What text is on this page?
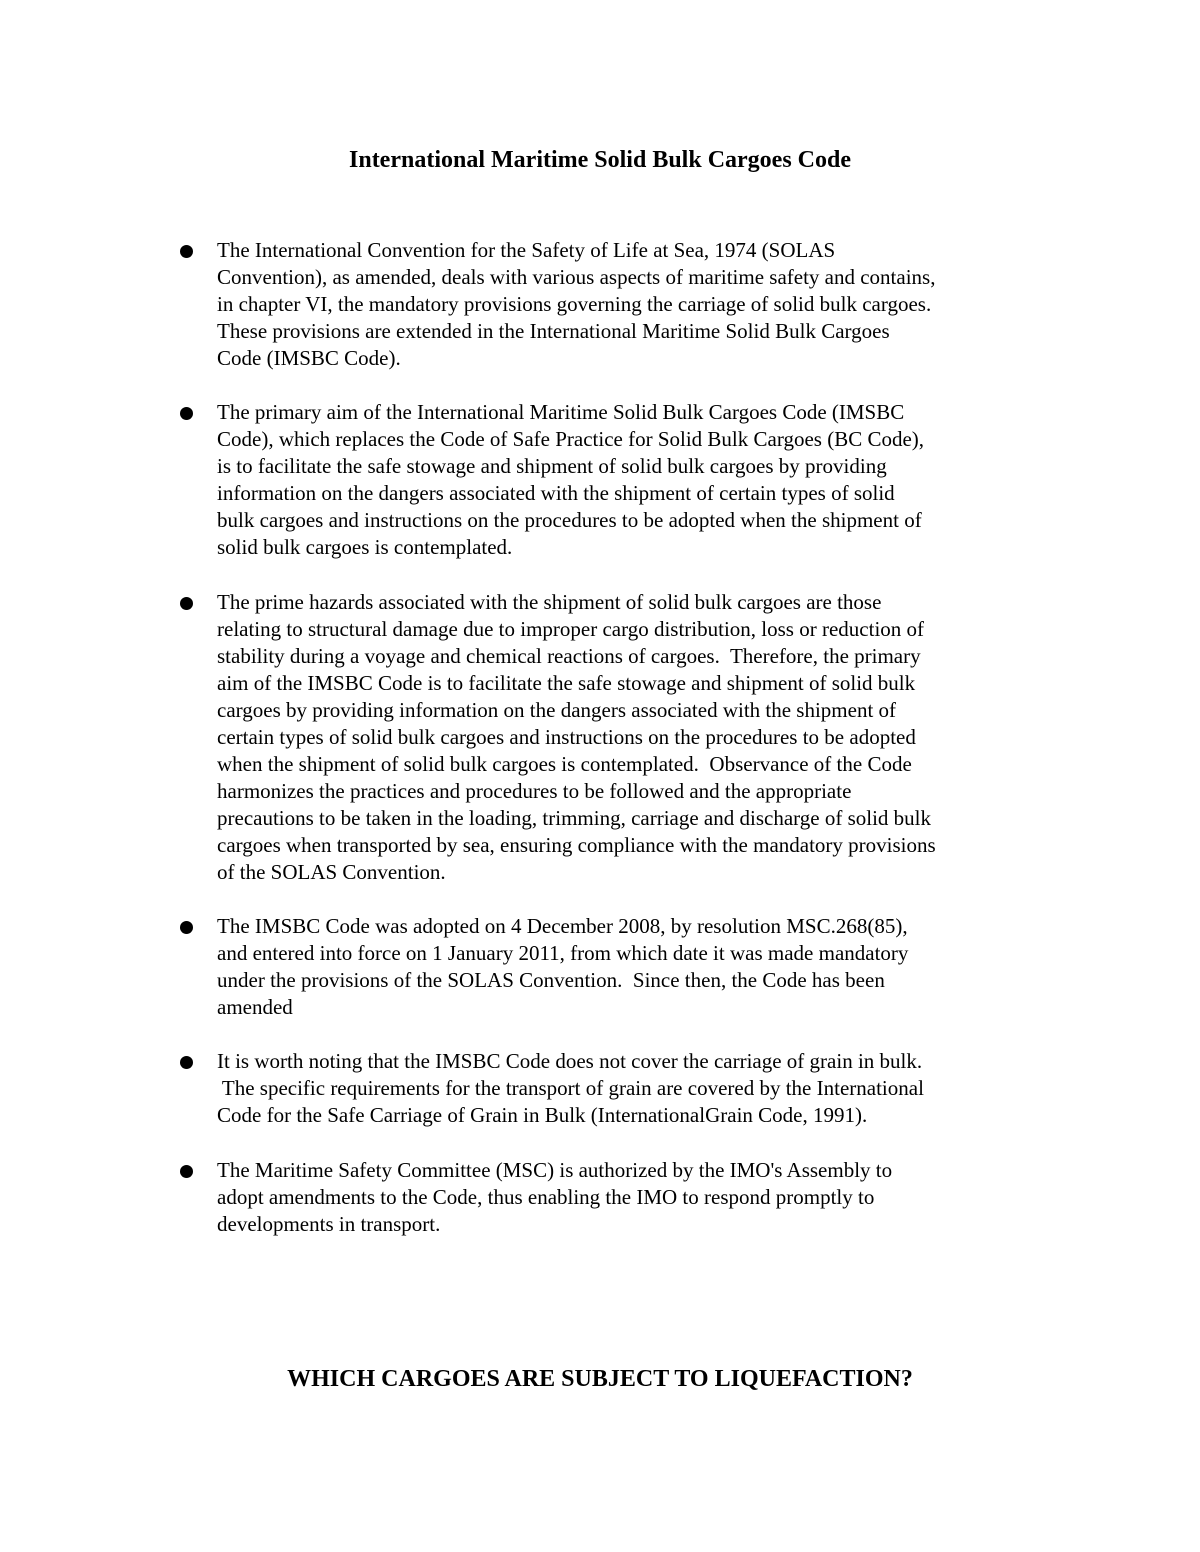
International Maritime Solid Bulk Cargoes Code

The International Convention for the Safety of Life at Sea, 1974 (SOLAS
Convention), as amended, deals with various aspects of maritime safety and contains,
in chapter VI, the mandatory provisions governing the carriage of solid bulk cargoes.
These provisions are extended in the International Maritime Solid Bulk Cargoes
Code (IMSBC Code).

The primary aim of the International Maritime Solid Bulk Cargoes Code (IMSBC
Code), which replaces the Code of Safe Practice for Solid Bulk Cargoes (BC Code),
is to facilitate the safe stowage and shipment of solid bulk cargoes by providing
information on the dangers associated with the shipment of certain types of solid
bulk cargoes and instructions on the procedures to be adopted when the shipment of
solid bulk cargoes is contemplated.

The prime hazards associated with the shipment of solid bulk cargoes are those
relating to structural damage due to improper cargo distribution, loss or reduction of
stability during a voyage and chemical reactions of cargoes.  Therefore, the primary
aim of the IMSBC Code is to facilitate the safe stowage and shipment of solid bulk
cargoes by providing information on the dangers associated with the shipment of
certain types of solid bulk cargoes and instructions on the procedures to be adopted
when the shipment of solid bulk cargoes is contemplated.  Observance of the Code
harmonizes the practices and procedures to be followed and the appropriate
precautions to be taken in the loading, trimming, carriage and discharge of solid bulk
cargoes when transported by sea, ensuring compliance with the mandatory provisions
of the SOLAS Convention.

The IMSBC Code was adopted on 4 December 2008, by resolution MSC.268(85),
and entered into force on 1 January 2011, from which date it was made mandatory
under the provisions of the SOLAS Convention.  Since then, the Code has been
amended

It is worth noting that the IMSBC Code does not cover the carriage of grain in bulk.
The specific requirements for the transport of grain are covered by the International
Code for the Safe Carriage of Grain in Bulk (InternationalGrain Code, 1991).

The Maritime Safety Committee (MSC) is authorized by the IMO's Assembly to
adopt amendments to the Code, thus enabling the IMO to respond promptly to
developments in transport.

WHICH CARGOES ARE SUBJECT TO LIQUEFACTION?
